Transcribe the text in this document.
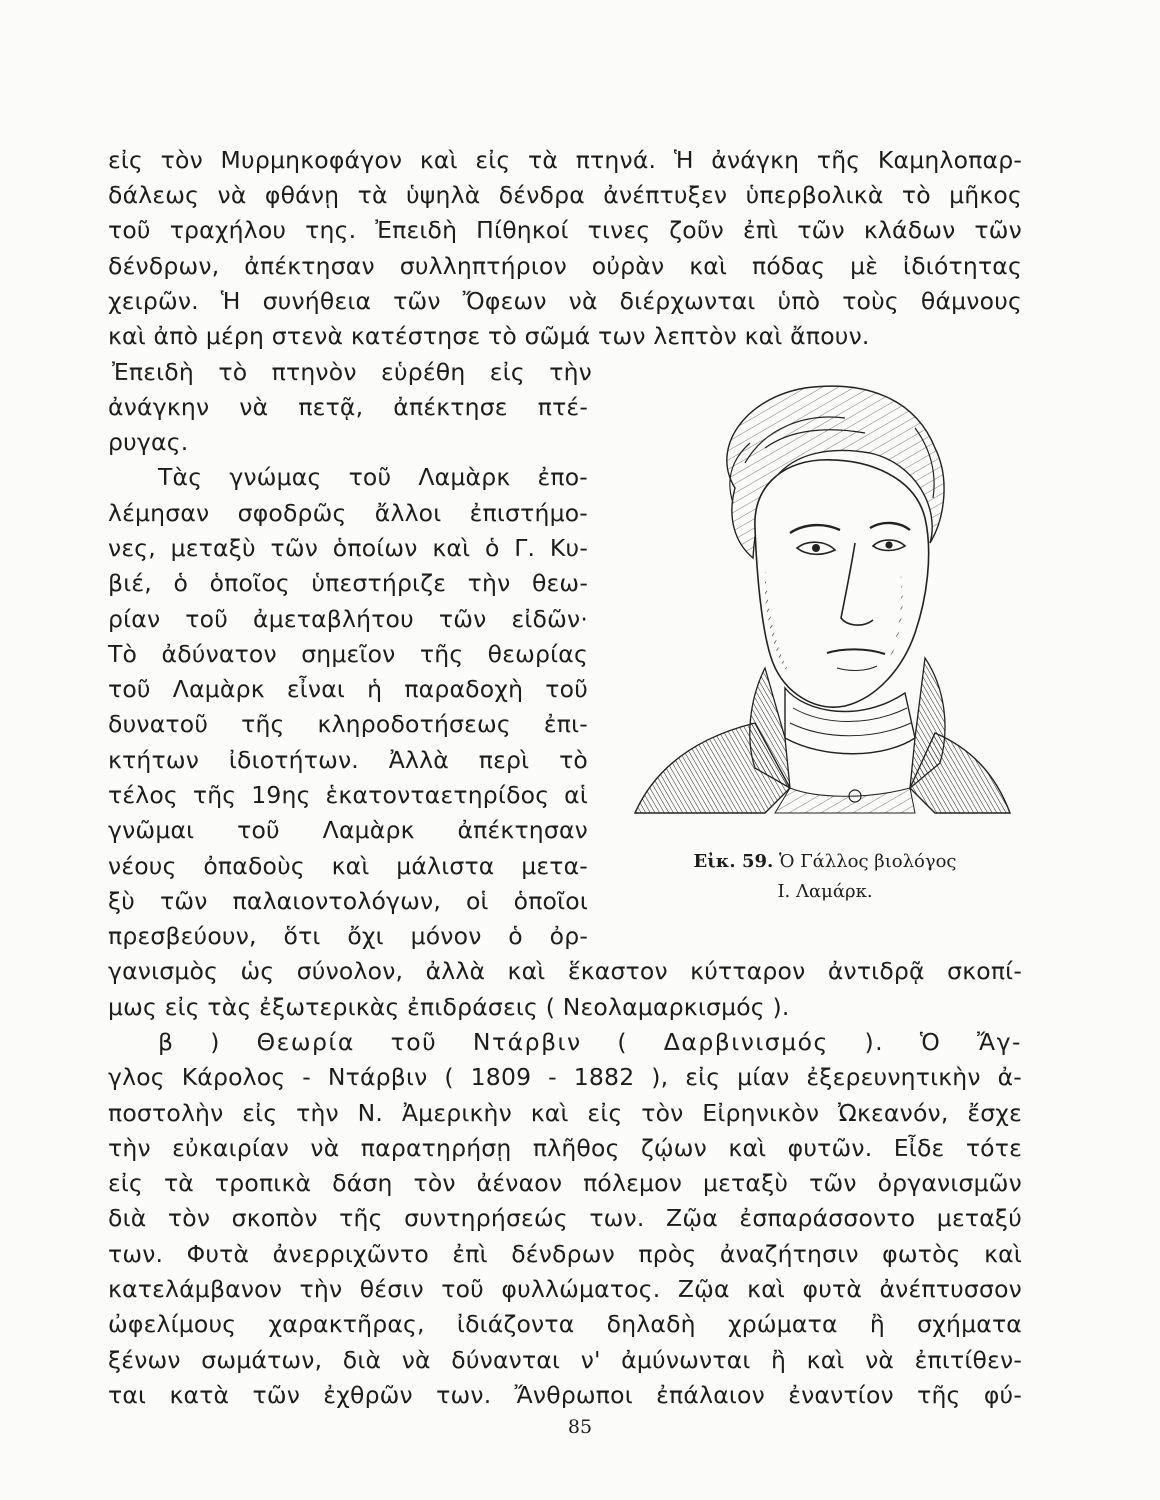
εἰς τὸν Μυρμηκοφάγον καὶ εἰς τὰ πτηνά. Ἡ ἀνάγκη τῆς Καμηλοπαρ-
δάλεως νὰ φθάνῃ τὰ ὑψηλὰ δένδρα ἀνέπτυξεν ὑπερβολικὰ τὸ μῆκος
τοῦ τραχήλου της. Ἐπειδὴ Πίθηκοί τινες ζοῦν ἐπὶ τῶν κλάδων τῶν
δένδρων, ἀπέκτησαν συλληπτήριον οὐρὰν καὶ πόδας μὲ ἰδιότητας
χειρῶν. Ἡ συνήθεια τῶν Ὄφεων νὰ διέρχωνται ὑπὸ τοὺς θάμνους
καὶ ἀπὸ μέρη στενὰ κατέστησε τὸ σῶμά των λεπτὸν καὶ ἄπουν.
Ἐπειδὴ τὸ πτηνὸν εὑρέθη εἰς τὴν
ἀνάγκην νὰ πετᾷ, ἀπέκτησε πτέ-
ρυγας.
Τὰς γνώμας τοῦ Λαμὰρκ ἐπο-
λέμησαν σφοδρῶς ἄλλοι ἐπιστήμο-
νες, μεταξὺ τῶν ὁποίων καὶ ὁ Γ. Κυ-
βιέ, ὁ ὁποῖος ὑπεστήριζε τὴν θεω-
ρίαν τοῦ ἀμεταβλήτου τῶν εἰδῶν·
Τὸ ἀδύνατον σημεῖον τῆς θεωρίας
τοῦ Λαμὰρκ εἶναι ἡ παραδοχὴ τοῦ
δυνατοῦ τῆς κληροδοτήσεως ἐπι-
κτήτων ἰδιοτήτων. Ἀλλὰ περὶ τὸ
τέλος τῆς 19ης ἑκατονταετηρίδος αἱ
γνῶμαι τοῦ Λαμὰρκ ἀπέκτησαν
νέους ὀπαδοὺς καὶ μάλιστα μετα-
ξὺ τῶν παλαιοντολόγων, οἱ ὁποῖοι
πρεσβεύουν, ὅτι ὄχι μόνον ὁ ὀρ-
γανισμὸς ὡς σύνολον, ἀλλὰ καὶ ἕκαστον κύτταρον ἀντιδρᾷ σκοπί-
μως εἰς τὰς ἐξωτερικὰς ἐπιδράσεις ( Νεολαμαρκισμός ).
β ) Θεωρία τοῦ Ντάρβιν ( Δαρβινισμός ). Ὁ Ἄγ-
γλος Κάρολος - Ντάρβιν ( 1809 - 1882 ), εἰς μίαν ἐξερευνητικὴν ἀ-
ποστολὴν εἰς τὴν Ν. Ἀμερικὴν καὶ εἰς τὸν Εἰρηνικὸν Ὠκεανόν, ἔσχε
τὴν εὐκαιρίαν νὰ παρατηρήσῃ πλῆθος ζῴων καὶ φυτῶν. Εἶδε τότε
εἰς τὰ τροπικὰ δάση τὸν ἀέναον πόλεμον μεταξὺ τῶν ὀργανισμῶν
διὰ τὸν σκοπὸν τῆς συντηρήσεώς των. Ζῷα ἐσπαράσσοντο μεταξύ
των. Φυτὰ ἀνερριχῶντο ἐπὶ δένδρων πρὸς ἀναζήτησιν φωτὸς καὶ
κατελάμβανον τὴν θέσιν τοῦ φυλλώματος. Ζῷα καὶ φυτὰ ἀνέπτυσσον
ὠφελίμους χαρακτῆρας, ἰδιάζοντα δηλαδὴ χρώματα ἢ σχήματα
ξένων σωμάτων, διὰ νὰ δύνανται ν' ἀμύνωνται ἢ καὶ νὰ ἐπιτίθεν-
ται κατὰ τῶν ἐχθρῶν των. Ἄνθρωποι ἐπάλαιον ἐναντίον τῆς φύ-
Εἰκ. 59. Ὁ Γάλλος βιολόγος
Ι. Λαμάρκ.
85
